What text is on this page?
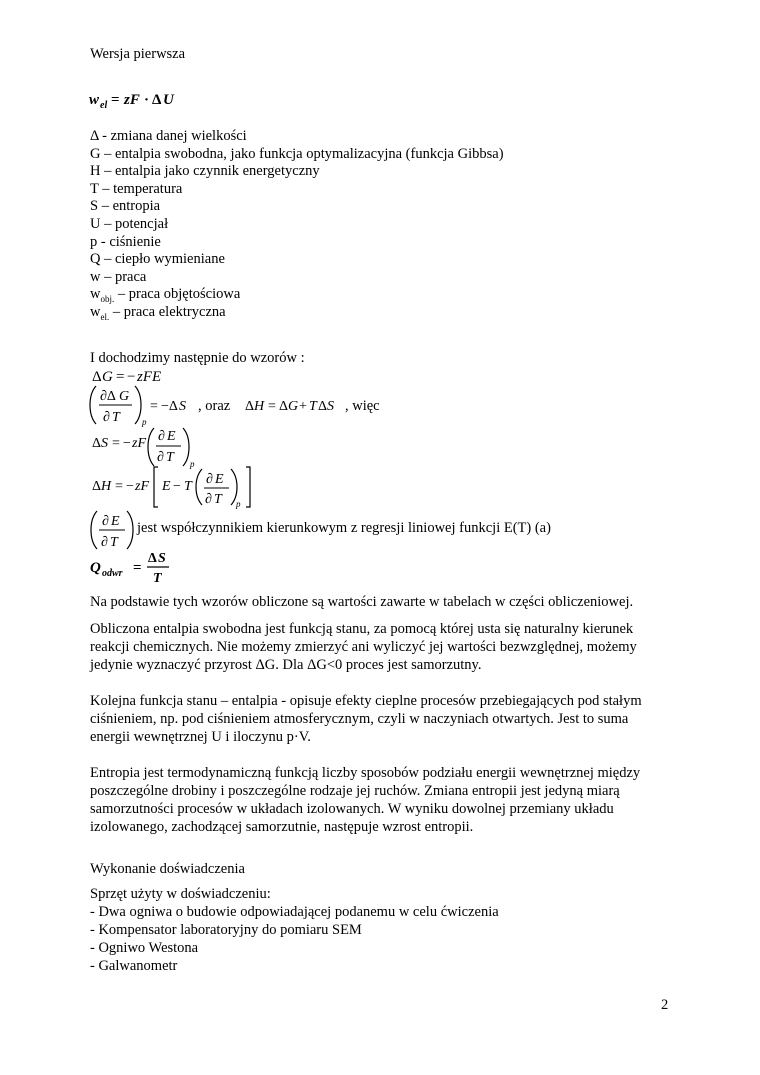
Wersja pierwsza
w el = zF · Δ U
Δ - zmiana danej wielkości
G – entalpia swobodna, jako funkcja optymalizacyjna (funkcja Gibbsa)
H – entalpia jako czynnik energetyczny
T – temperatura
S – entropia
U – potencjał
p - ciśnienie
Q – ciepło wymieniane
w – praca
$w_{obj.}$ – praca objętościowa
$w_{el.}$ – praca elektryczna
I dochodzimy następnie do wzorów :
Δ G = − zFE
∂Δ G
∂ T p
= −Δ S , oraz Δ H = Δ G + T Δ S , więc
Δ S = − zF ∂ E
∂ T p
Δ H = − zF E − T ∂ E
∂ T p
∂ E
∂ T
jest współczynnikiem kierunkowym z regresji liniowej funkcji E(T) (a)
Q odwr =
Δ S
T
Na podstawie tych wzorów obliczone są wartości zawarte w tabelach w części obliczeniowej.
Obliczona entalpia swobodna jest funkcją stanu, za pomocą której usta się naturalny kierunek
reakcji chemicznych. Nie możemy zmierzyć ani wyliczyć jej wartości bezwzględnej, możemy
jedynie wyznaczyć przyrost ΔG. Dla ΔG<0 proces jest samorzutny.
Kolejna funkcja stanu – entalpia - opisuje efekty cieplne procesów przebiegających pod stałym
ciśnieniem, np. pod ciśnieniem atmosferycznym, czyli w naczyniach otwartych. Jest to suma
energii wewnętrznej U i iloczynu p·V.
Entropia jest termodynamiczną funkcją liczby sposobów podziału energii wewnętrznej między
poszczególne drobiny i poszczególne rodzaje jej ruchów. Zmiana entropii jest jedyną miarą
samorzutności procesów w układach izolowanych. W wyniku dowolnej przemiany układu
izolowanego, zachodzącej samorzutnie, następuje wzrost entropii.
Wykonanie doświadczenia
Sprzęt użyty w doświadczeniu:
- Dwa ogniwa o budowie odpowiadającej podanemu w celu ćwiczenia
- Kompensator laboratoryjny do pomiaru SEM
- Ogniwo Westona
- Galwanometr
2
